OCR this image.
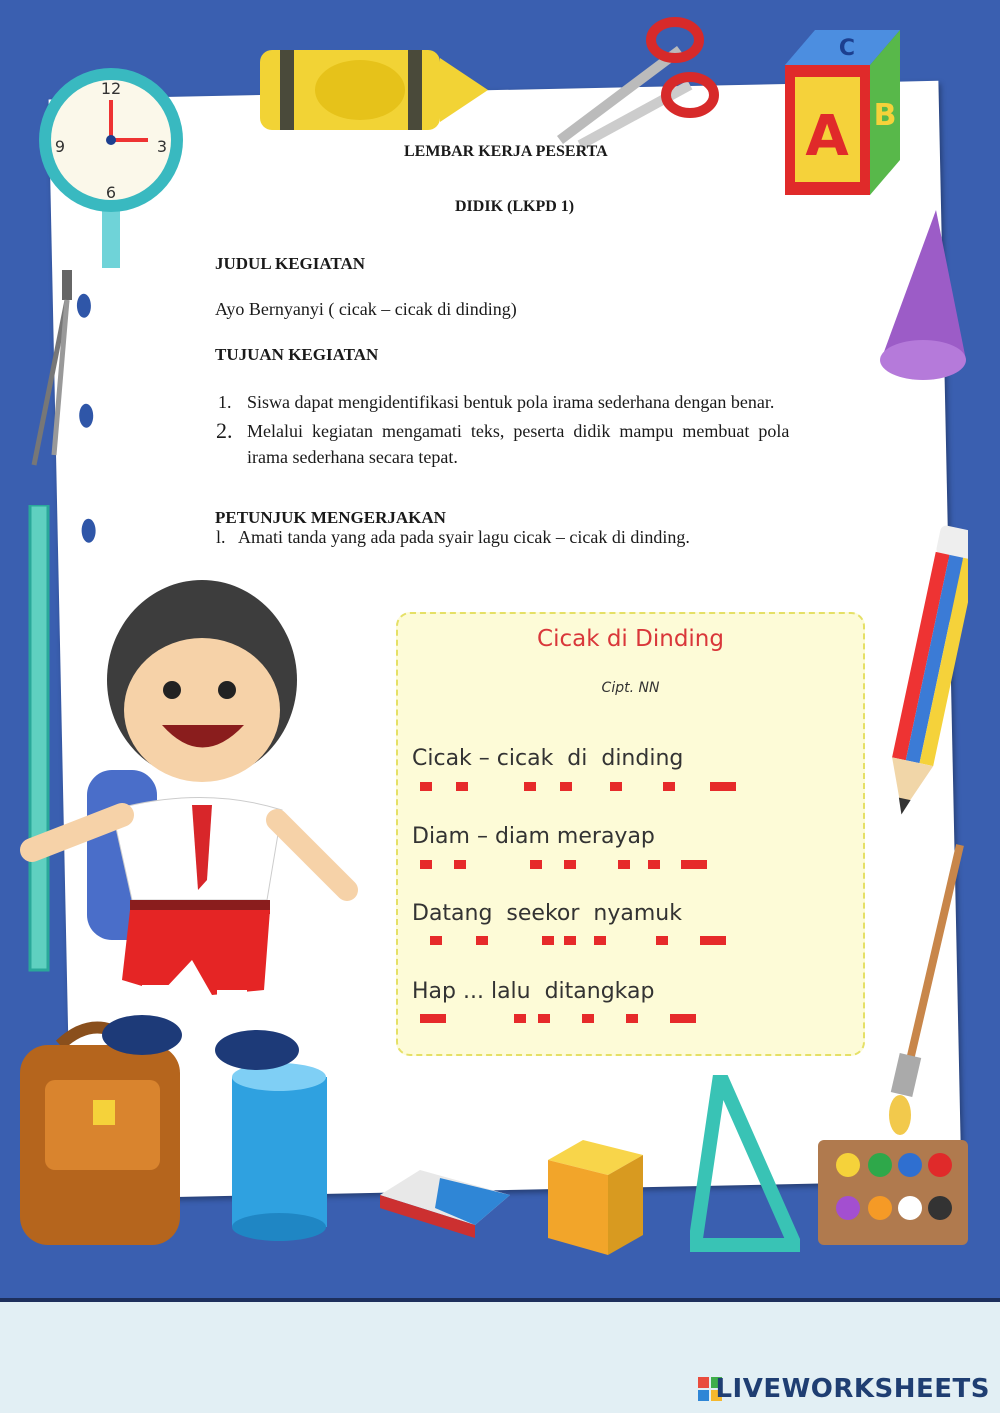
12
3
6
9	A B
C
LEMBAR KERJA PESERTA
DIDIK (LKPD 1)
JUDUL KEGIATAN
Ayo Bernyanyi ( cicak – cicak di dinding)
TUJUAN KEGIATAN
1. Siswa dapat mengidentifikasi bentuk pola irama sederhana dengan benar.
2. Melalui  kegiatan  mengamati  teks,  peserta  didik  mampu  membuat  pola
irama sederhana secara tepat.
PETUNJUK MENGERJAKAN
l. Amati tanda yang ada pada syair lagu cicak – cicak di dinding.
Cicak di Dinding
Cipt. NN
Cicak – cicak  di  dinding
Diam – diam merayap
Datang  seekor  nyamuk
Hap ... lalu  ditangkap
LIVEWORKSHEETS
